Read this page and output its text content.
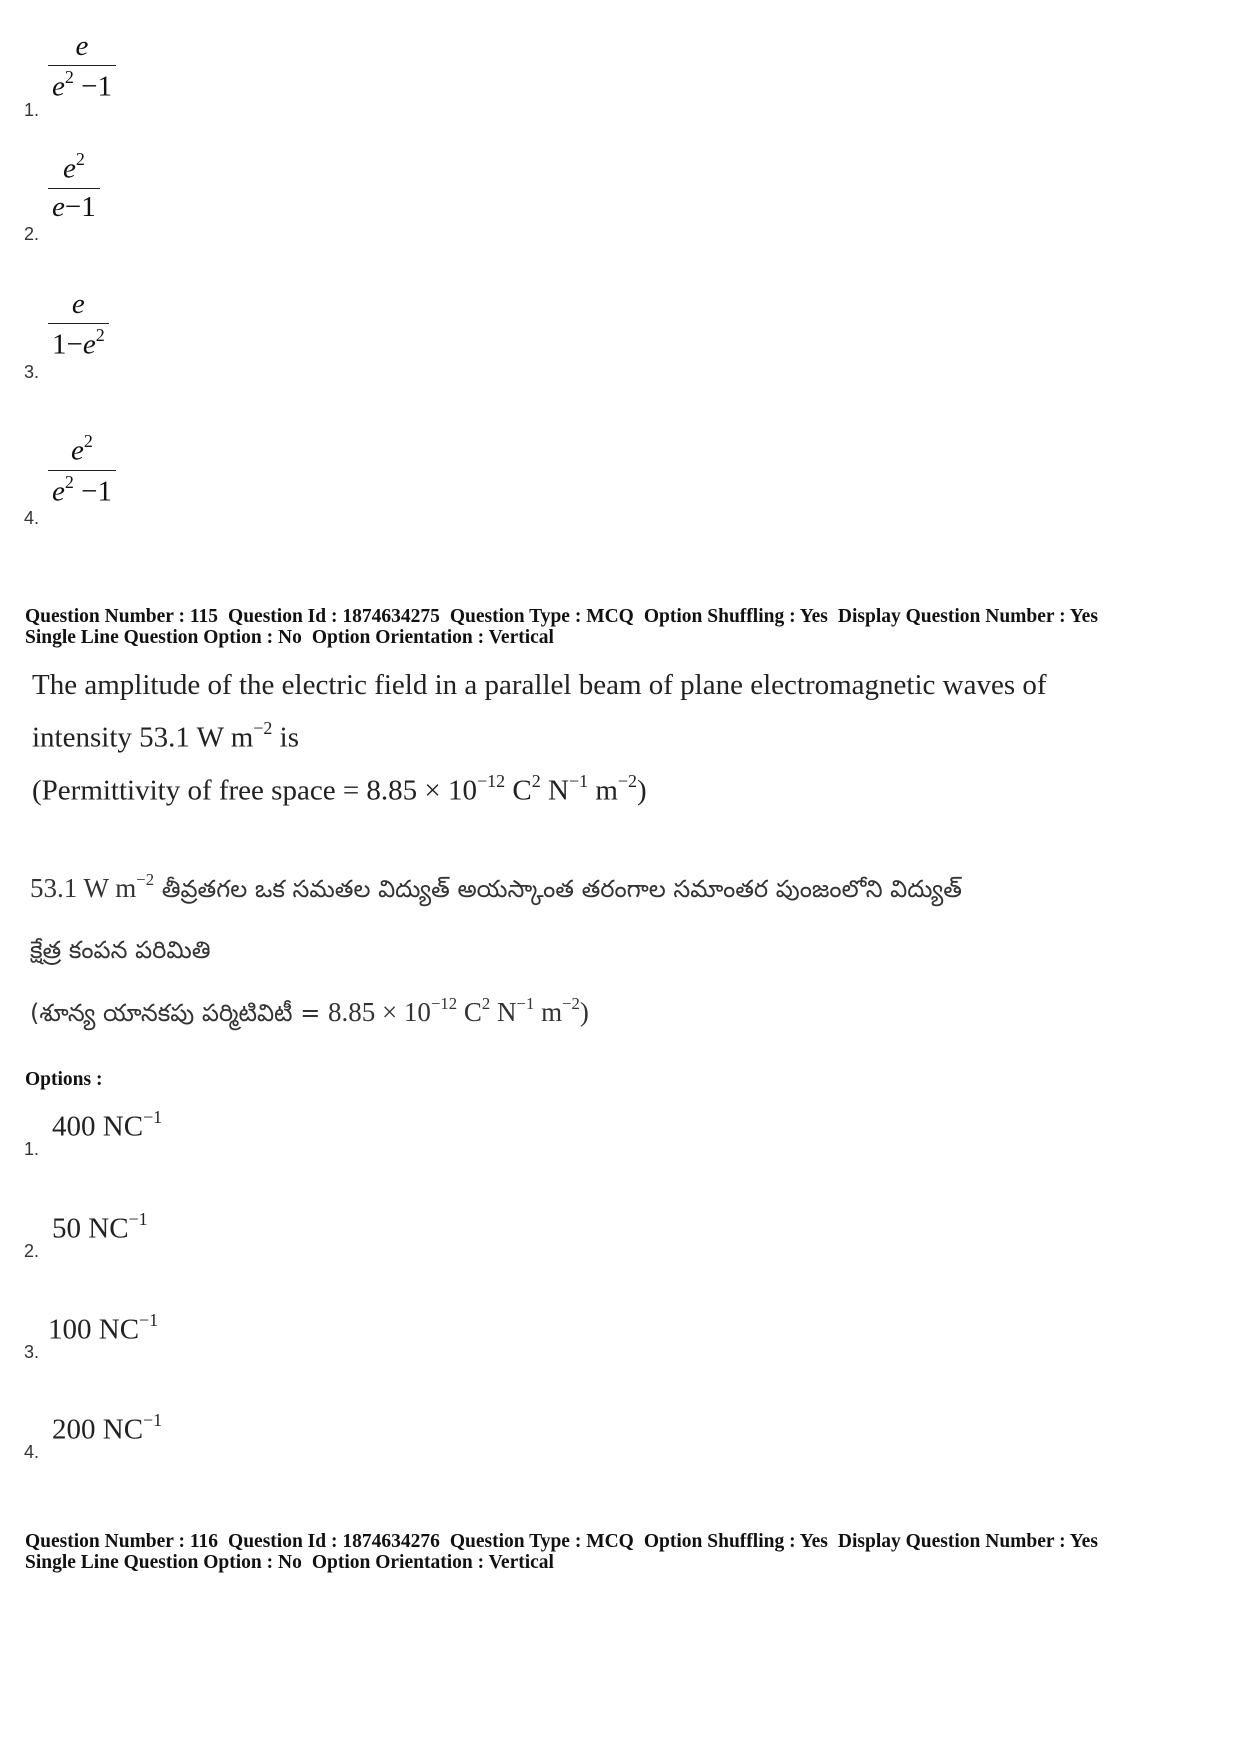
1.
$\frac{e}{e^2 -1}$
2.
$\frac{e^2}{e-1}$
3.
$\frac{e}{1-e^2}$
4.
$\frac{e^2}{e^2 -1}$
Question Number : 115 Question Id : 1874634275 Question Type : MCQ Option Shuffling : Yes Display Question Number : Yes
Single Line Question Option : No Option Orientation : Vertical
The amplitude of the electric field in a parallel beam of plane electromagnetic waves of
intensity 53.1 W $m^{-2}$ is
(Permittivity of free space = $8.85 \times 10^{-12}$ $C^2$ $N^{-1}$ $m^{-2}$)
53.1 W $m^{-2}$ తీవ్రతగల ఒక సమతల విద్యుత్ అయస్కాంత తరంగాల సమాంతర పుంజంలోని విద్యుత్
క్షేత్ర కంపన పరిమితి
(శూన్య యానకపు పర్మిటివిటీ = $8.85 \times 10^{-12}$ $C^2$ $N^{-1}$ $m^{-2}$)
Options :
1.
400 $NC^{-1}$
2.
50 $NC^{-1}$
3.
100 $NC^{-1}$
4.
200 $NC^{-1}$
Question Number : 116 Question Id : 1874634276 Question Type : MCQ Option Shuffling : Yes Display Question Number : Yes
Single Line Question Option : No Option Orientation : Vertical
